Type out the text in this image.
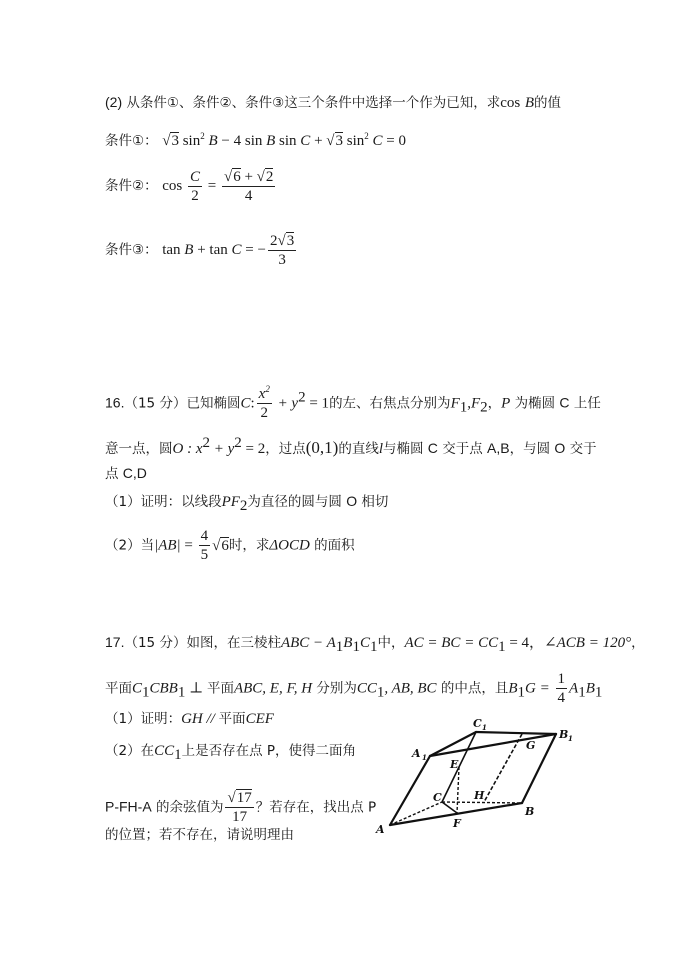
(2) 从条件①、条件②、条件③这三个条件中选择一个作为已知，求cos B的值
条件①： √ 3 $\sin^2 B - 4$ sin B sin C + √ 3 $\sin^2 C = 0$
条件②： $\cos \frac{C}{2}$ = √ $\frac{6 + √ 2}{4}$
条件③： tan B + tan C = − $\frac{2 √ 3}{3}$
16.（15 分）已知椭圆C: $\frac{x^2}{2} + y^2 = 1$的左、右焦点分别为$F_1,F_2$，P 为椭圆 C 上任
意一点，圆O : $x^2 + y^2 = 2$，过点(0,1)的直线l与椭圆 C 交于点 A,B，与圆 O 交于
点 C,D
（1）证明：以线段$PF_2$为直径的圆与圆 O 相切
（2）当$|AB| = \frac{4}{5}$ √ 6时，求ΔOCD 的面积
17.（15 分）如图，在三棱柱ABC − $A_1B_1C_1$中，AC = BC = $CC_1 = 4$，∠ACB = 120°，
平面$C_1CBB_1$ ⊥ 平面ABC, E, F, H 分别为$CC_1$, AB, BC 的中点，且$B_1G = \frac{1}{4} A_1B_1$
（1）证明：GH // 平面CEF
（2）在$CC_1$上是否存在点 P，使得二面角
P-FH-A 的余弦值为 √ $\frac{17}{17}$ ？若存在，找出点 P
的位置；若不存在，请说明理由	A
B
C
A 1
C 1
B 1
E
F
G
H
